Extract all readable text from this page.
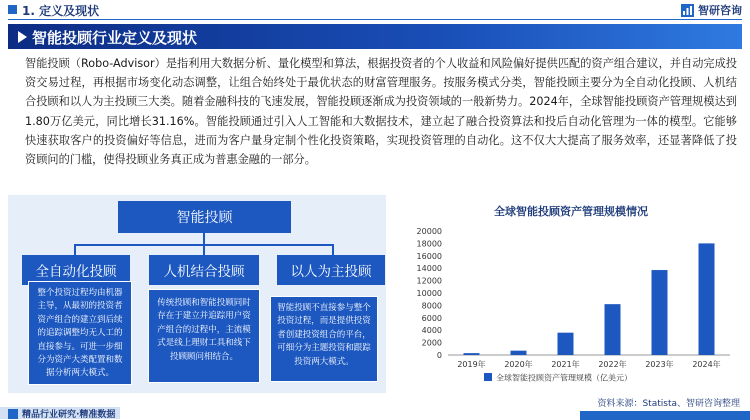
1. 定义及现状	智研咨询
智能投顾行业定义及现状

智能投顾（Robo-Advisor）是指利用大数据分析、量化模型和算法，根据投资者的个人收益和风险偏好提供匹配的资产组合建议，并自动完成投资交易过程，再根据市场变化动态调整，让组合始终处于最优状态的财富管理服务。按服务模式分类，智能投顾主要分为全自动化投顾、人机结合投顾和以人为主投顾三大类。随着金融科技的飞速发展，智能投顾逐渐成为投资领域的一般新势力。2024年，全球智能投顾资产管理规模达到1.80万亿美元，同比增长31.16%。智能投顾通过引入人工智能和大数据技术，建立起了融合投资算法和投后自动化管理为一体的模型。它能够快速获取客户的投资偏好等信息，进而为客户量身定制个性化投资策略，实现投资管理的自动化。这不仅大大提高了服务效率，还显著降低了投资顾问的门槛，使得投顾业务真正成为普惠金融的一部分。

智能投顾
全自动化投顾	人机结合投顾	以人为主投顾
整个投资过程均由机器主导，从最初的投资者资产组合的建立到后续的追踪调整均无人工的直接参与。可进一步细分为资产大类配置和数据分析两大模式。
传统投顾和智能投顾同时存在于建立并追踪用户资产组合的过程中，主流模式是线上理财工具和线下投顾顾问相结合。
智能投顾不直接参与整个投资过程，而是提供投资者创建投资组合的平台，可细分为主题投资和跟踪投资两大模式。
全球智能投顾资产管理规模情况
0
2000
4000
6000
8000
10000
12000
14000
16000
18000
20000
2019年 2020年 2021年 2022年 2023年 2024年
全球智能投顾资产管理规模（亿美元）
资料来源：Statista、智研咨询整理
精品行业研究·精准数据
